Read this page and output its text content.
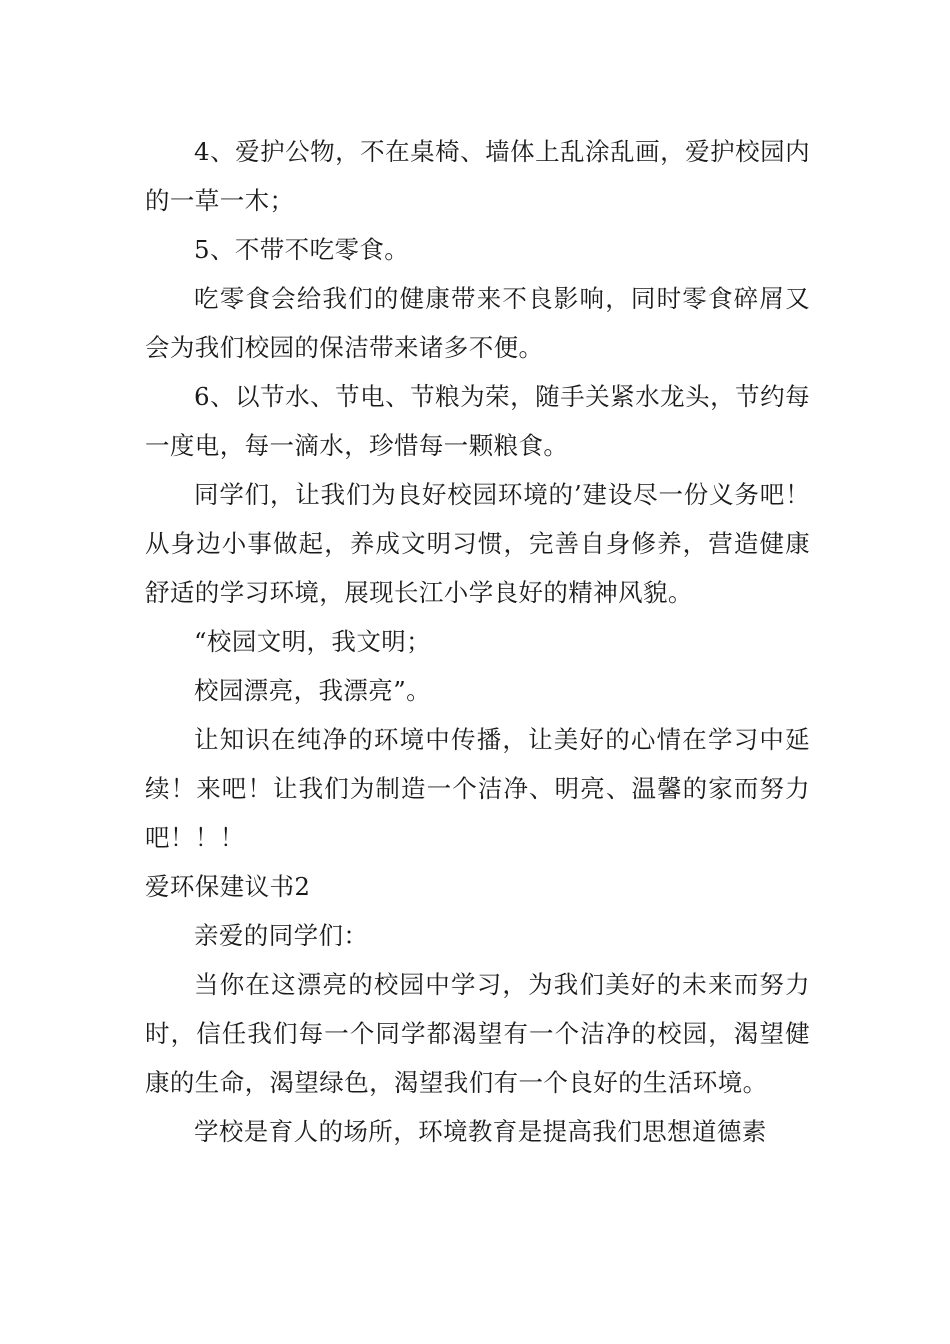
4、爱护公物，不在桌椅、墙体上乱涂乱画，爱护校园内的一草一木；

5、不带不吃零食。

吃零食会给我们的健康带来不良影响，同时零食碎屑又会为我们校园的保洁带来诸多不便。

6、以节水、节电、节粮为荣，随手关紧水龙头，节约每一度电，每一滴水，珍惜每一颗粮食。

同学们，让我们为良好校园环境的’建设尽一份义务吧！从身边小事做起，养成文明习惯，完善自身修养，营造健康舒适的学习环境，展现长江小学良好的精神风貌。

“校园文明，我文明；

校园漂亮，我漂亮”。

让知识在纯净的环境中传播，让美好的心情在学习中延续！来吧！让我们为制造一个洁净、明亮、温馨的家而努力吧！！！

爱环保建议书2

亲爱的同学们：

当你在这漂亮的校园中学习，为我们美好的未来而努力时，信任我们每一个同学都渴望有一个洁净的校园，渴望健康的生命，渴望绿色，渴望我们有一个良好的生活环境。

学校是育人的场所，环境教育是提高我们思想道德素
